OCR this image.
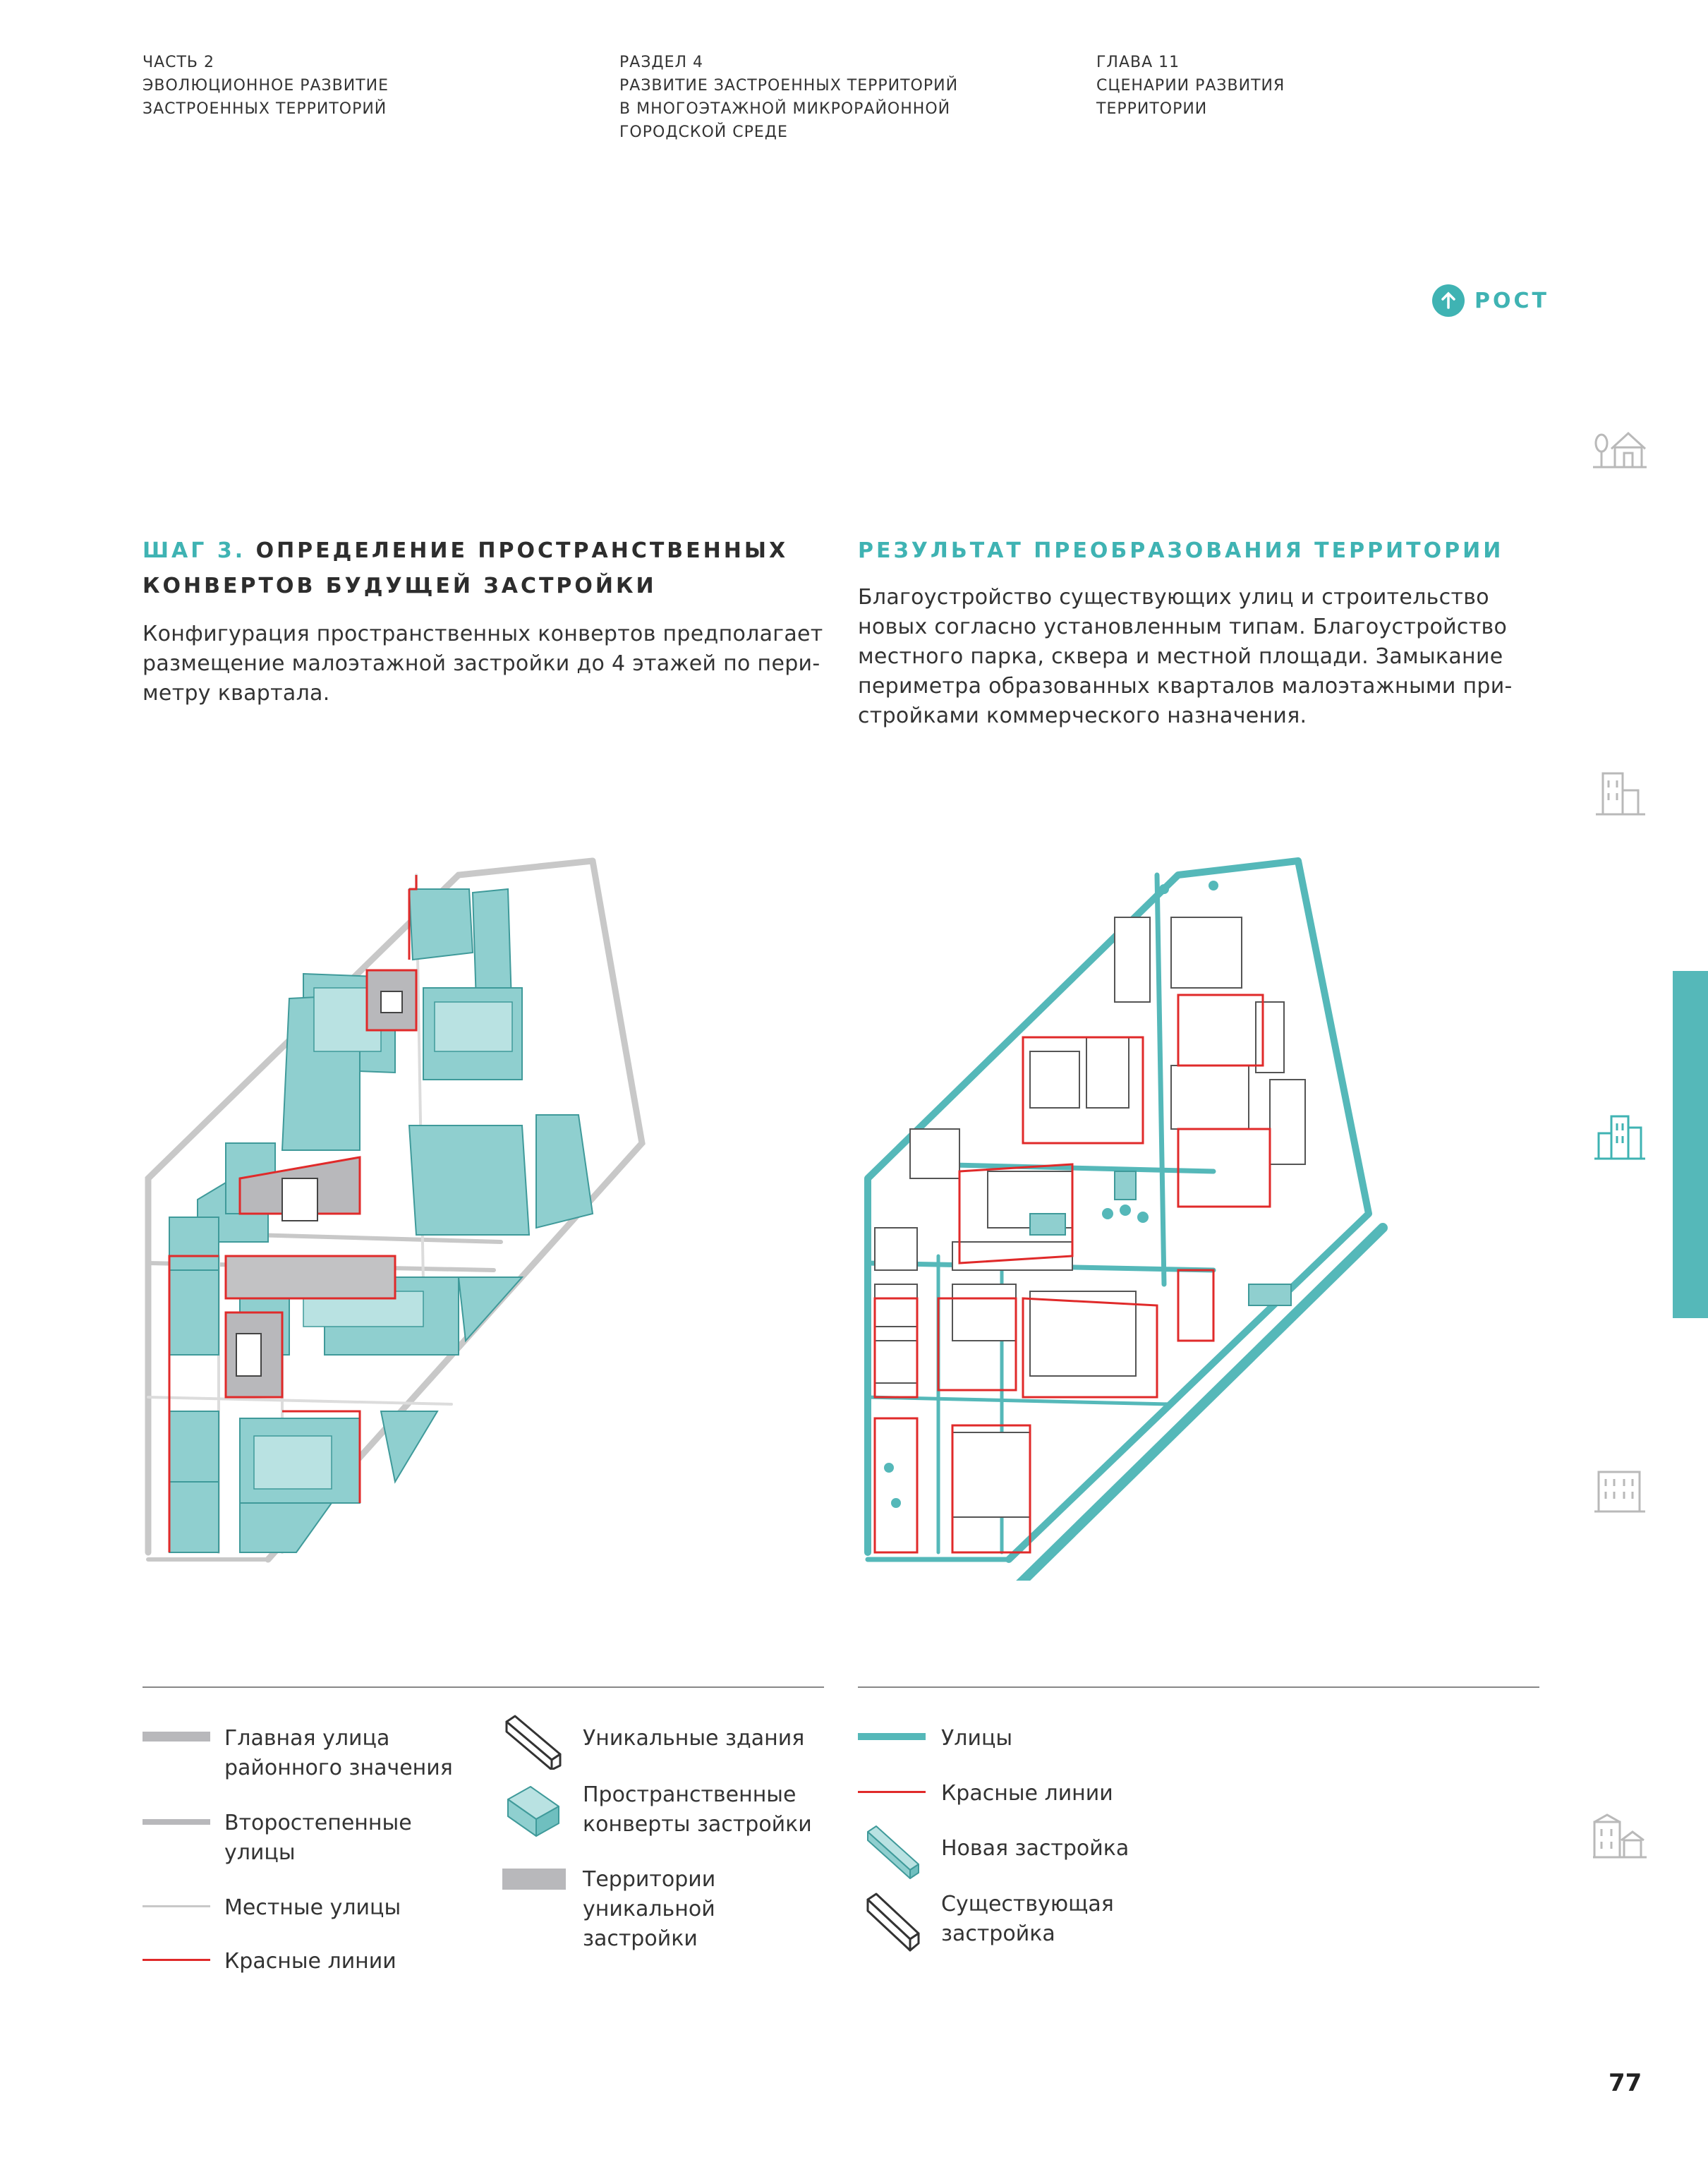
ЧАСТЬ 2
ЭВОЛЮЦИОННОЕ РАЗВИТИЕ
ЗАСТРОЕННЫХ ТЕРРИТОРИЙ
РАЗДЕЛ 4
РАЗВИТИЕ ЗАСТРОЕННЫХ ТЕРРИТОРИЙ
В МНОГОЭТАЖНОЙ МИКРОРАЙОННОЙ
ГОРОДСКОЙ СРЕДЕ
ГЛАВА 11
СЦЕНАРИИ РАЗВИТИЯ
ТЕРРИТОРИИ
РОСТ
ШАГ 3. ОПРЕДЕЛЕНИЕ ПРОСТРАНСТВЕННЫХ
КОНВЕРТОВ БУДУЩЕЙ ЗАСТРОЙКИ
Конфигурация пространственных конвертов предполагает
размещение малоэтажной застройки до 4 этажей по пери-
метру квартала.
РЕЗУЛЬТАТ ПРЕОБРАЗОВАНИЯ ТЕРРИТОРИИ
Благоустройство существующих улиц и строительство
новых согласно установленным типам. Благоустройство
местного парка, сквера и местной площади. Замыкание
периметра образованных кварталов малоэтажными при-
стройками коммерческого назначения.
Главная улица
районного значения
Второстепенные
улицы
Местные улицы
Красные линии
Уникальные здания
Пространственные
конверты застройки
Территории
уникальной
застройки
Улицы
Красные линии
Новая застройка
Существующая
застройка
77
